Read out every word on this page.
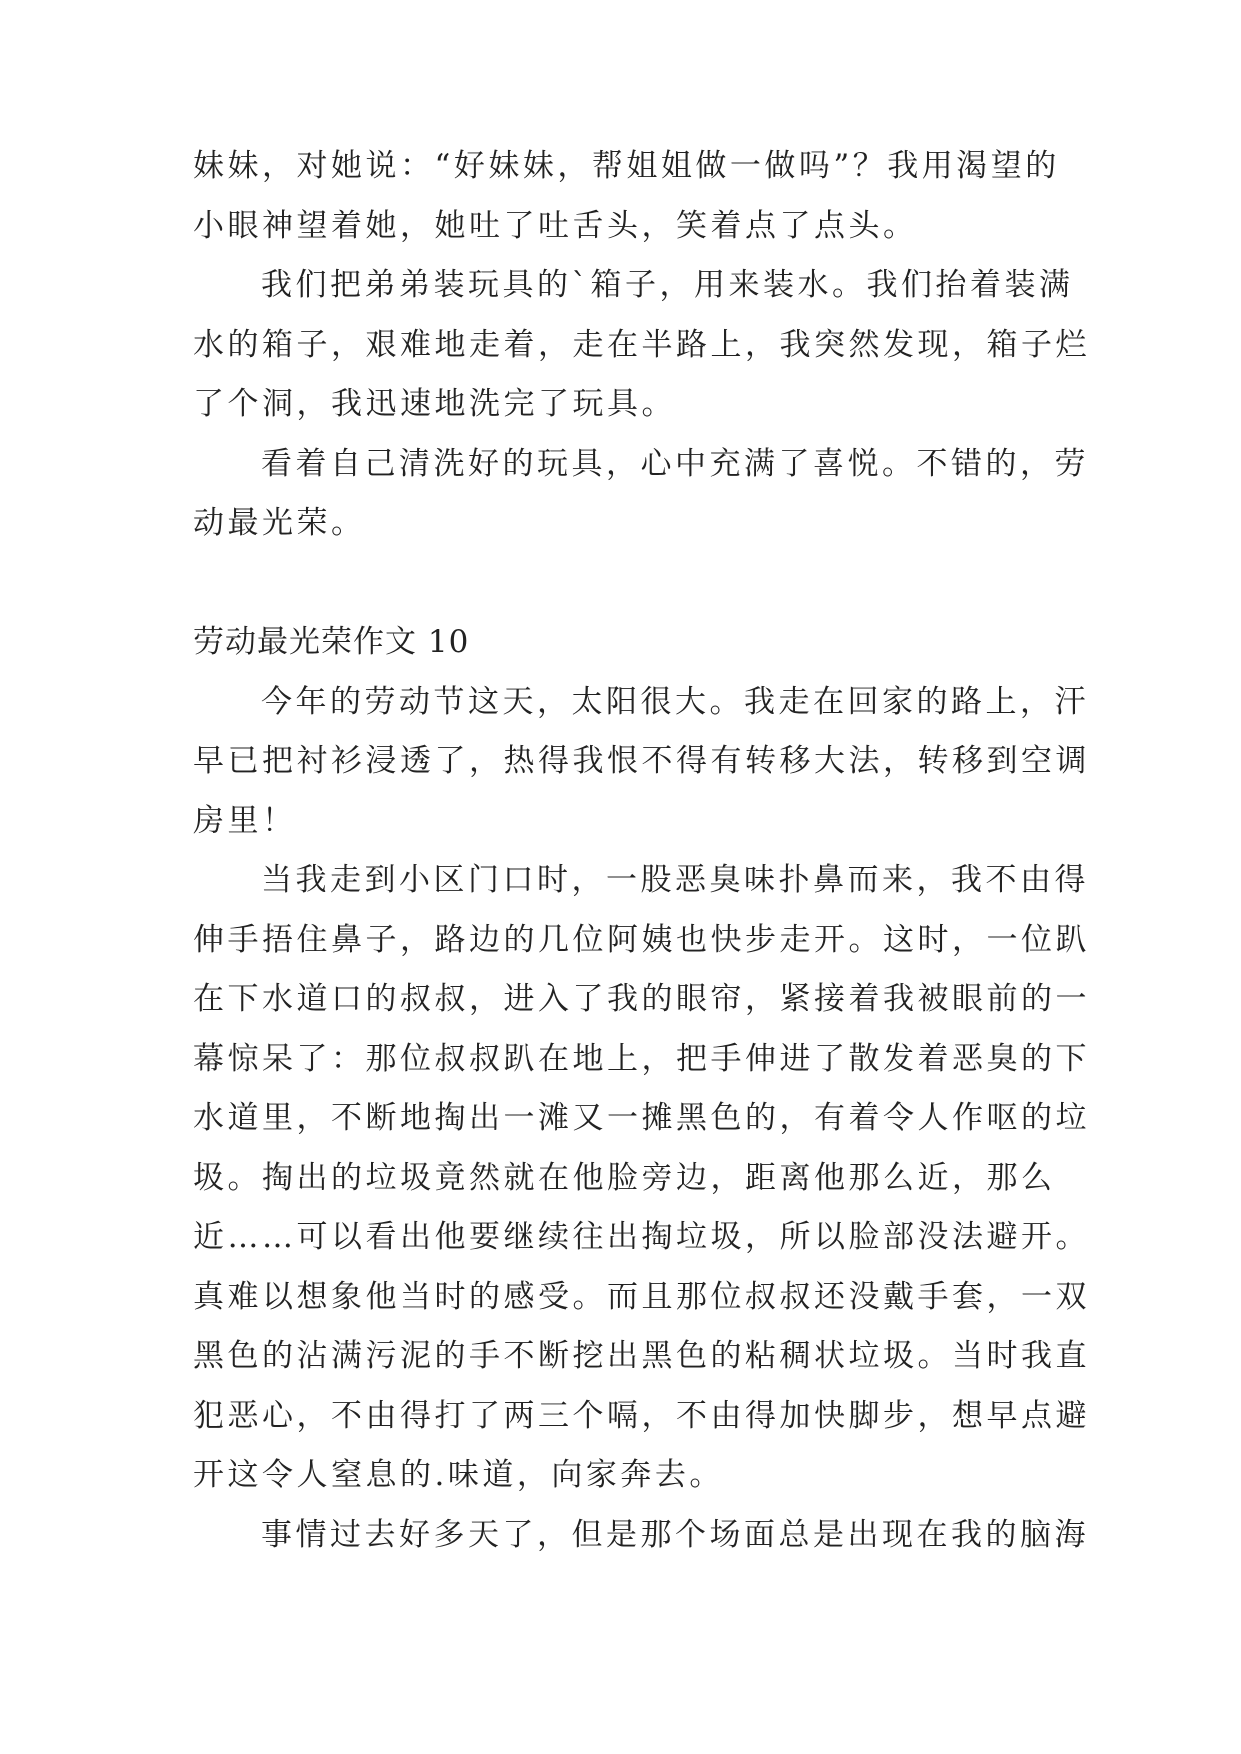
妹妹，对她说：“好妹妹，帮姐姐做一做吗”？我用渴望的
小眼神望着她，她吐了吐舌头，笑着点了点头。
我们把弟弟装玩具的`箱子，用来装水。我们抬着装满
水的箱子，艰难地走着，走在半路上，我突然发现，箱子烂
了个洞，我迅速地洗完了玩具。
看着自己清洗好的玩具，心中充满了喜悦。不错的，劳
动最光荣。
劳动最光荣作文 10
今年的劳动节这天，太阳很大。我走在回家的路上，汗
早已把衬衫浸透了，热得我恨不得有转移大法，转移到空调
房里！
当我走到小区门口时，一股恶臭味扑鼻而来，我不由得
伸手捂住鼻子，路边的几位阿姨也快步走开。这时，一位趴
在下水道口的叔叔，进入了我的眼帘，紧接着我被眼前的一
幕惊呆了：那位叔叔趴在地上，把手伸进了散发着恶臭的下
水道里，不断地掏出一滩又一摊黑色的，有着令人作呕的垃
圾。掏出的垃圾竟然就在他脸旁边，距离他那么近，那么
近……可以看出他要继续往出掏垃圾，所以脸部没法避开。
真难以想象他当时的感受。而且那位叔叔还没戴手套，一双
黑色的沾满污泥的手不断挖出黑色的粘稠状垃圾。当时我直
犯恶心，不由得打了两三个嗝，不由得加快脚步，想早点避
开这令人窒息的.味道，向家奔去。
事情过去好多天了，但是那个场面总是出现在我的脑海
